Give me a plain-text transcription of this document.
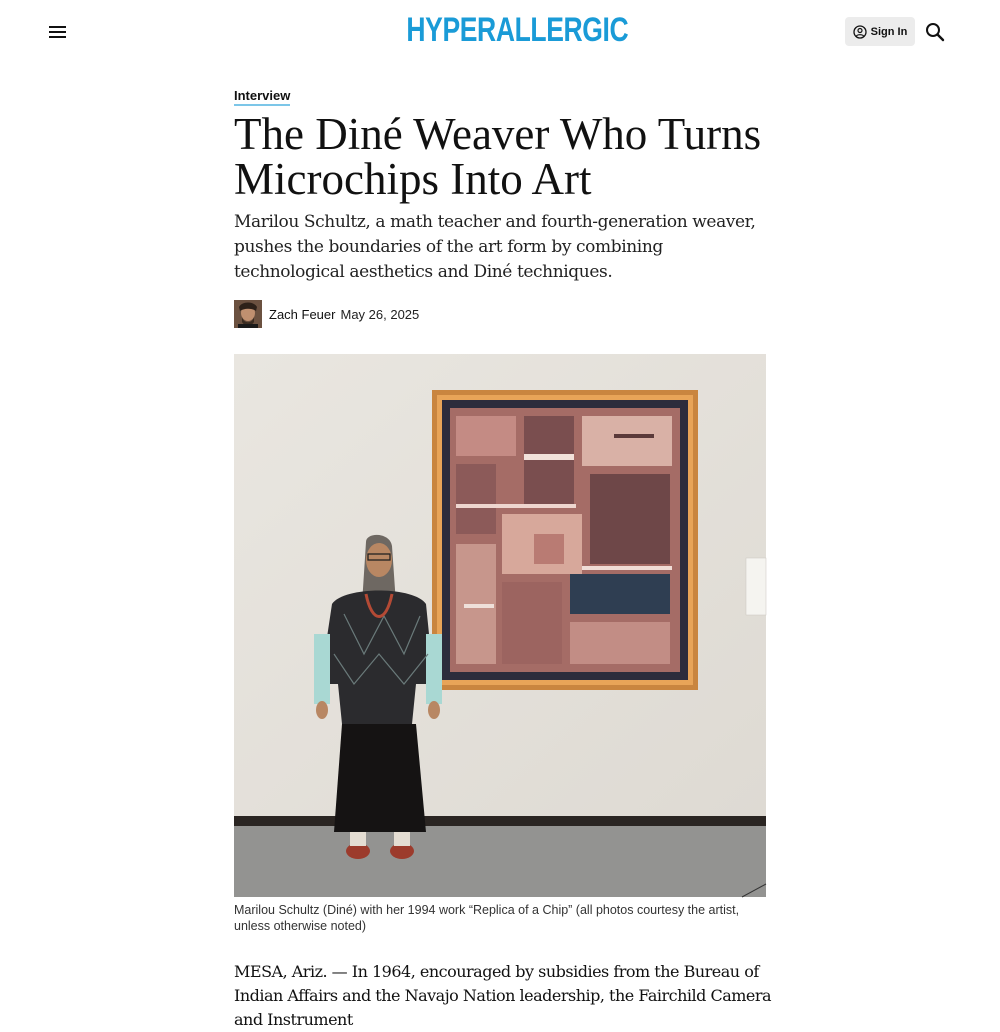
HYPERALLERGIC	Sign In
Interview
The Diné Weaver Who Turns Microchips Into Art

Marilou Schultz, a math teacher and fourth-generation weaver, pushes the boundaries of the art form by combining technological aesthetics and Diné techniques.

Zach Feuer May 26, 2025
Marilou Schultz (Diné) with her 1994 work “Replica of a Chip” (all photos courtesy the artist, unless otherwise noted)

MESA, Ariz. — In 1964, encouraged by subsidies from the Bureau of Indian Affairs and the Navajo Nation leadership, the Fairchild Camera and Instrument
